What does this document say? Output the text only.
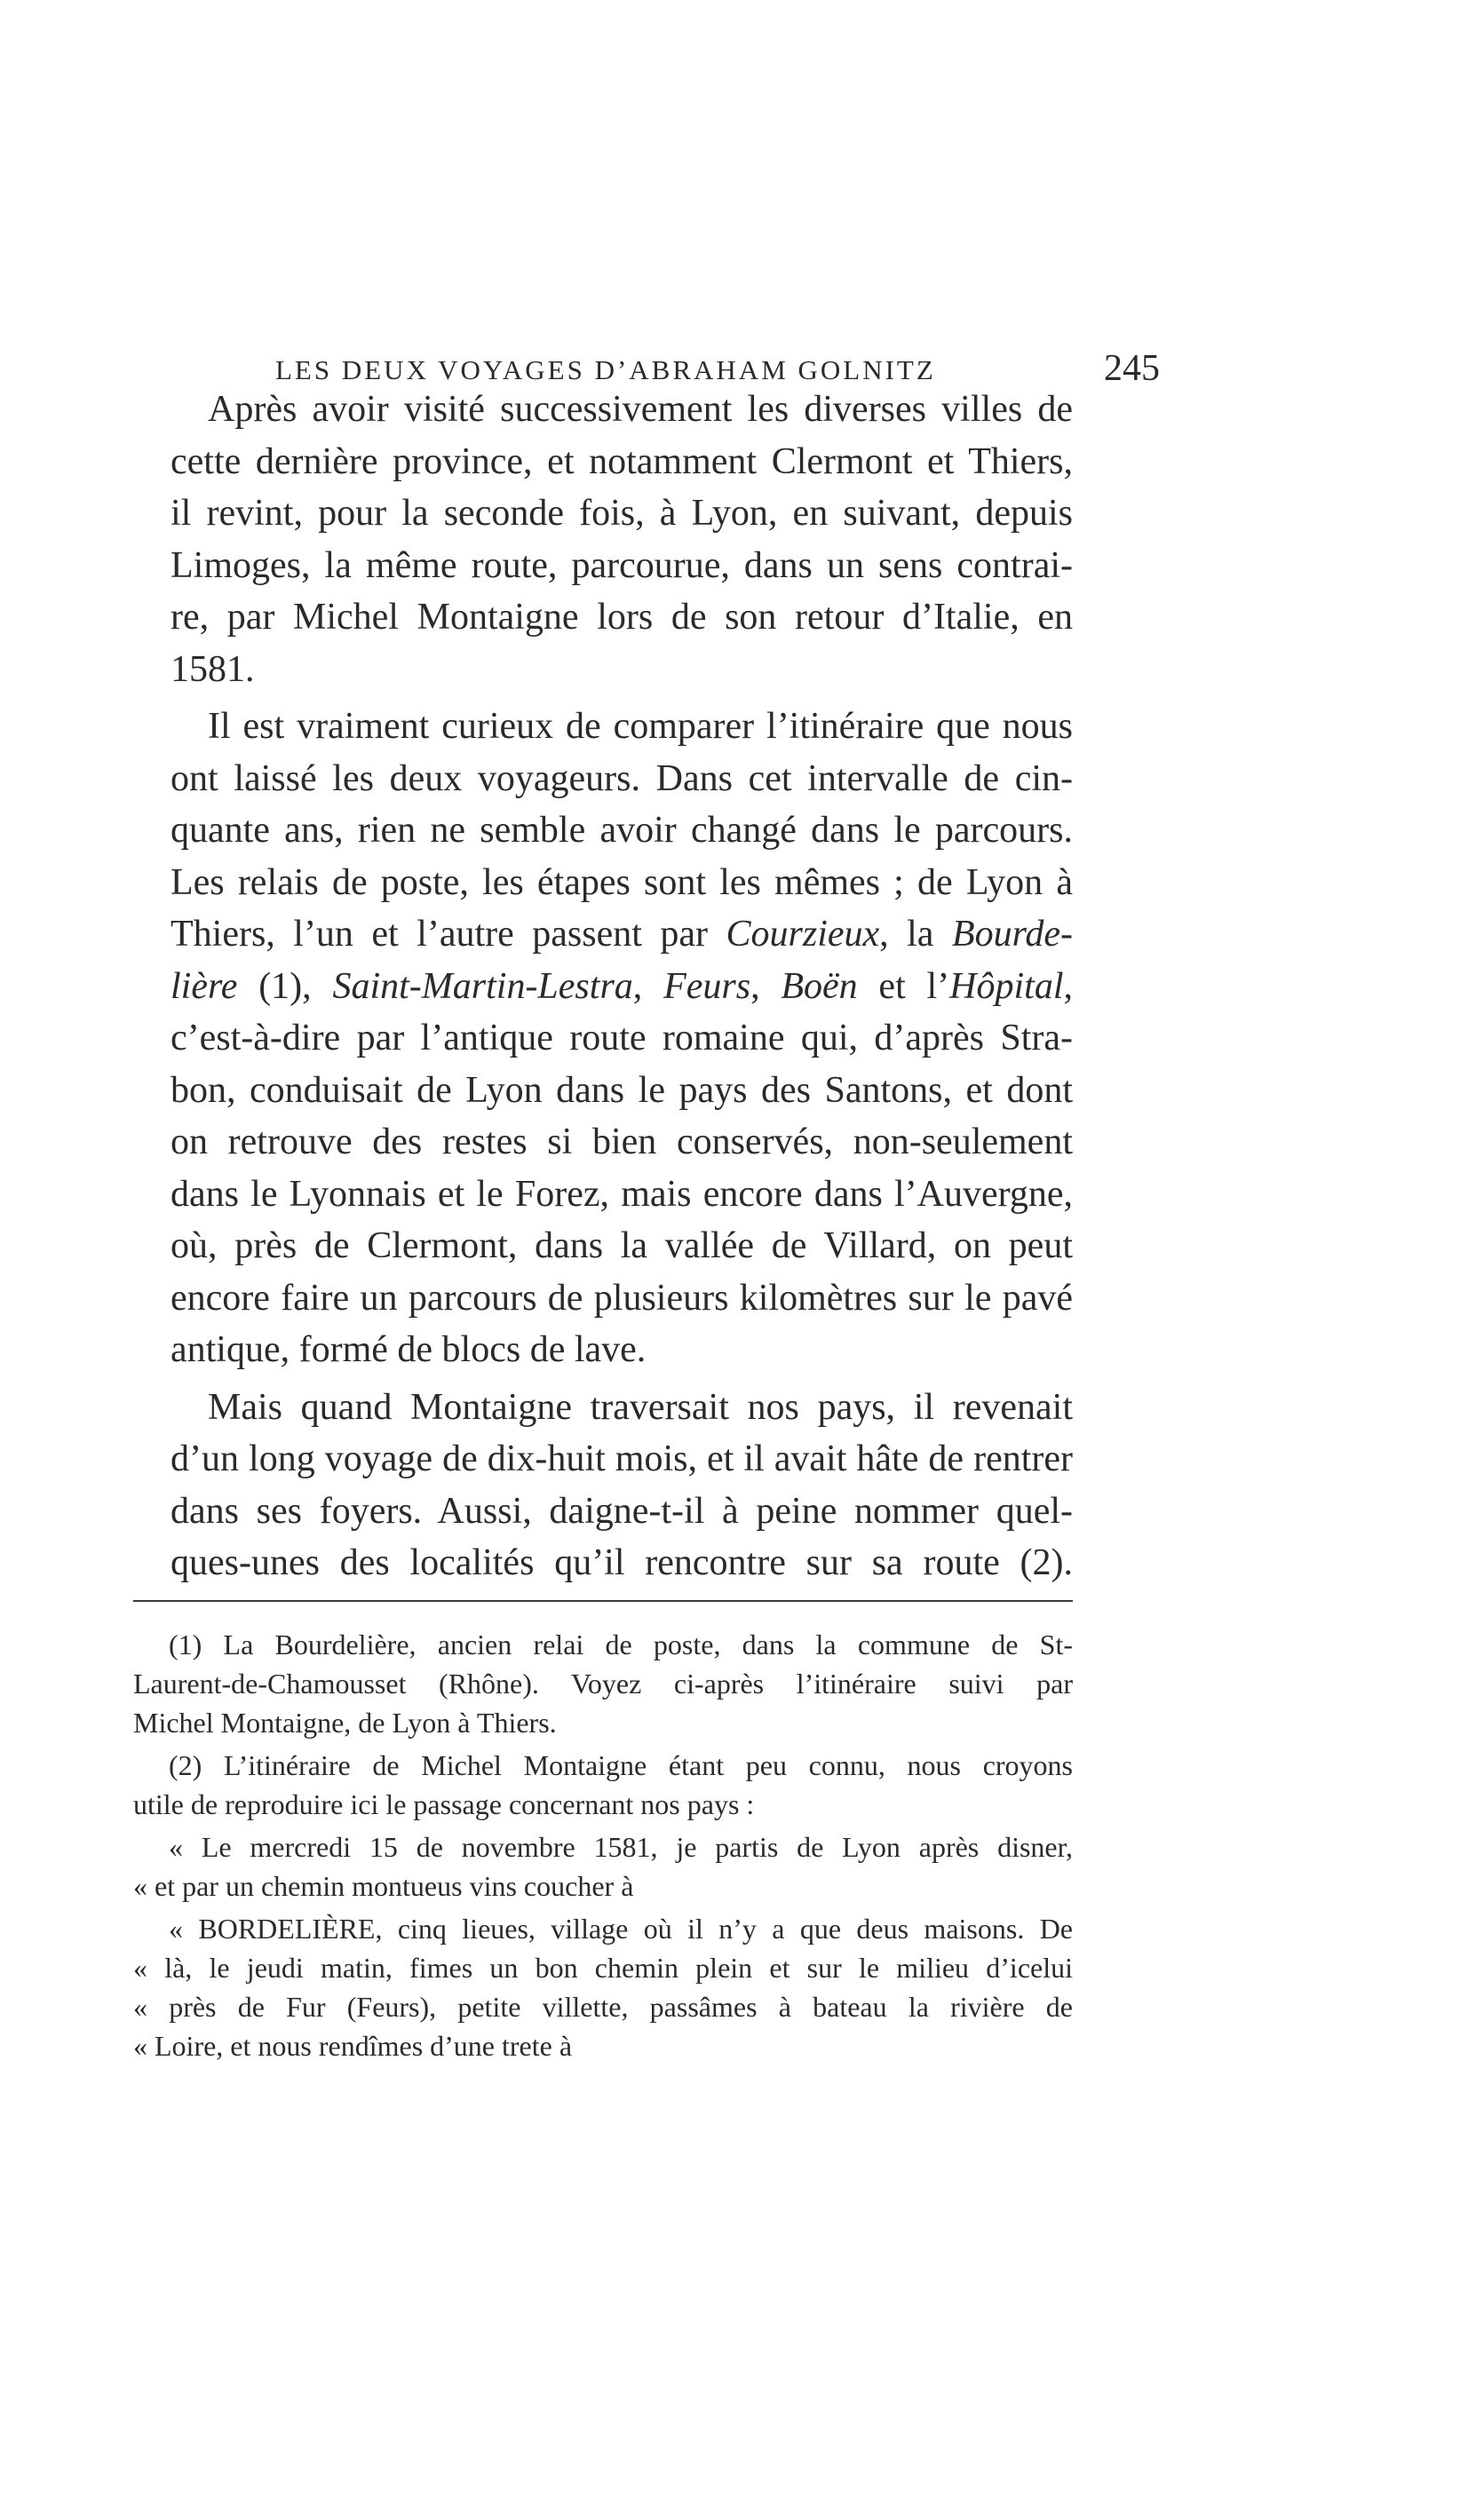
LES DEUX VOYAGES D’ABRAHAM GOLNITZ	245
Après avoir visité successivement les diverses villes de
cette dernière province, et notamment Clermont et Thiers,
il revint, pour la seconde fois, à Lyon, en suivant, depuis
Limoges, la même route, parcourue, dans un sens contrai-
re, par Michel Montaigne lors de son retour d’Italie, en
1581.
Il est vraiment curieux de comparer l’itinéraire que nous
ont laissé les deux voyageurs. Dans cet intervalle de cin-
quante ans, rien ne semble avoir changé dans le parcours.
Les relais de poste, les étapes sont les mêmes ; de Lyon à
Thiers, l’un et l’autre passent par Courzieux, la Bourde-
lière (1), Saint-Martin-Lestra, Feurs, Boën et l’Hôpital,
c’est-à-dire par l’antique route romaine qui, d’après Stra-
bon, conduisait de Lyon dans le pays des Santons, et dont
on retrouve des restes si bien conservés, non-seulement
dans le Lyonnais et le Forez, mais encore dans l’Auvergne,
où, près de Clermont, dans la vallée de Villard, on peut
encore faire un parcours de plusieurs kilomètres sur le pavé
antique, formé de blocs de lave.
Mais quand Montaigne traversait nos pays, il revenait
d’un long voyage de dix-huit mois, et il avait hâte de rentrer
dans ses foyers. Aussi, daigne-t-il à peine nommer quel-
ques-unes des localités qu’il rencontre sur sa route (2).
(1) La Bourdelière, ancien relai de poste, dans la commune de St-
Laurent-de-Chamousset (Rhône). Voyez ci-après l’itinéraire suivi par
Michel Montaigne, de Lyon à Thiers.
(2) L’itinéraire de Michel Montaigne étant peu connu, nous croyons
utile de reproduire ici le passage concernant nos pays :
« Le mercredi 15 de novembre 1581, je partis de Lyon après disner,
« et par un chemin montueus vins coucher à
« BORDELIÈRE, cinq lieues, village où il n’y a que deus maisons. De
« là, le jeudi matin, fimes un bon chemin plein et sur le milieu d’icelui
« près de Fur (Feurs), petite villette, passâmes à bateau la rivière de
« Loire, et nous rendîmes d’une trete à
